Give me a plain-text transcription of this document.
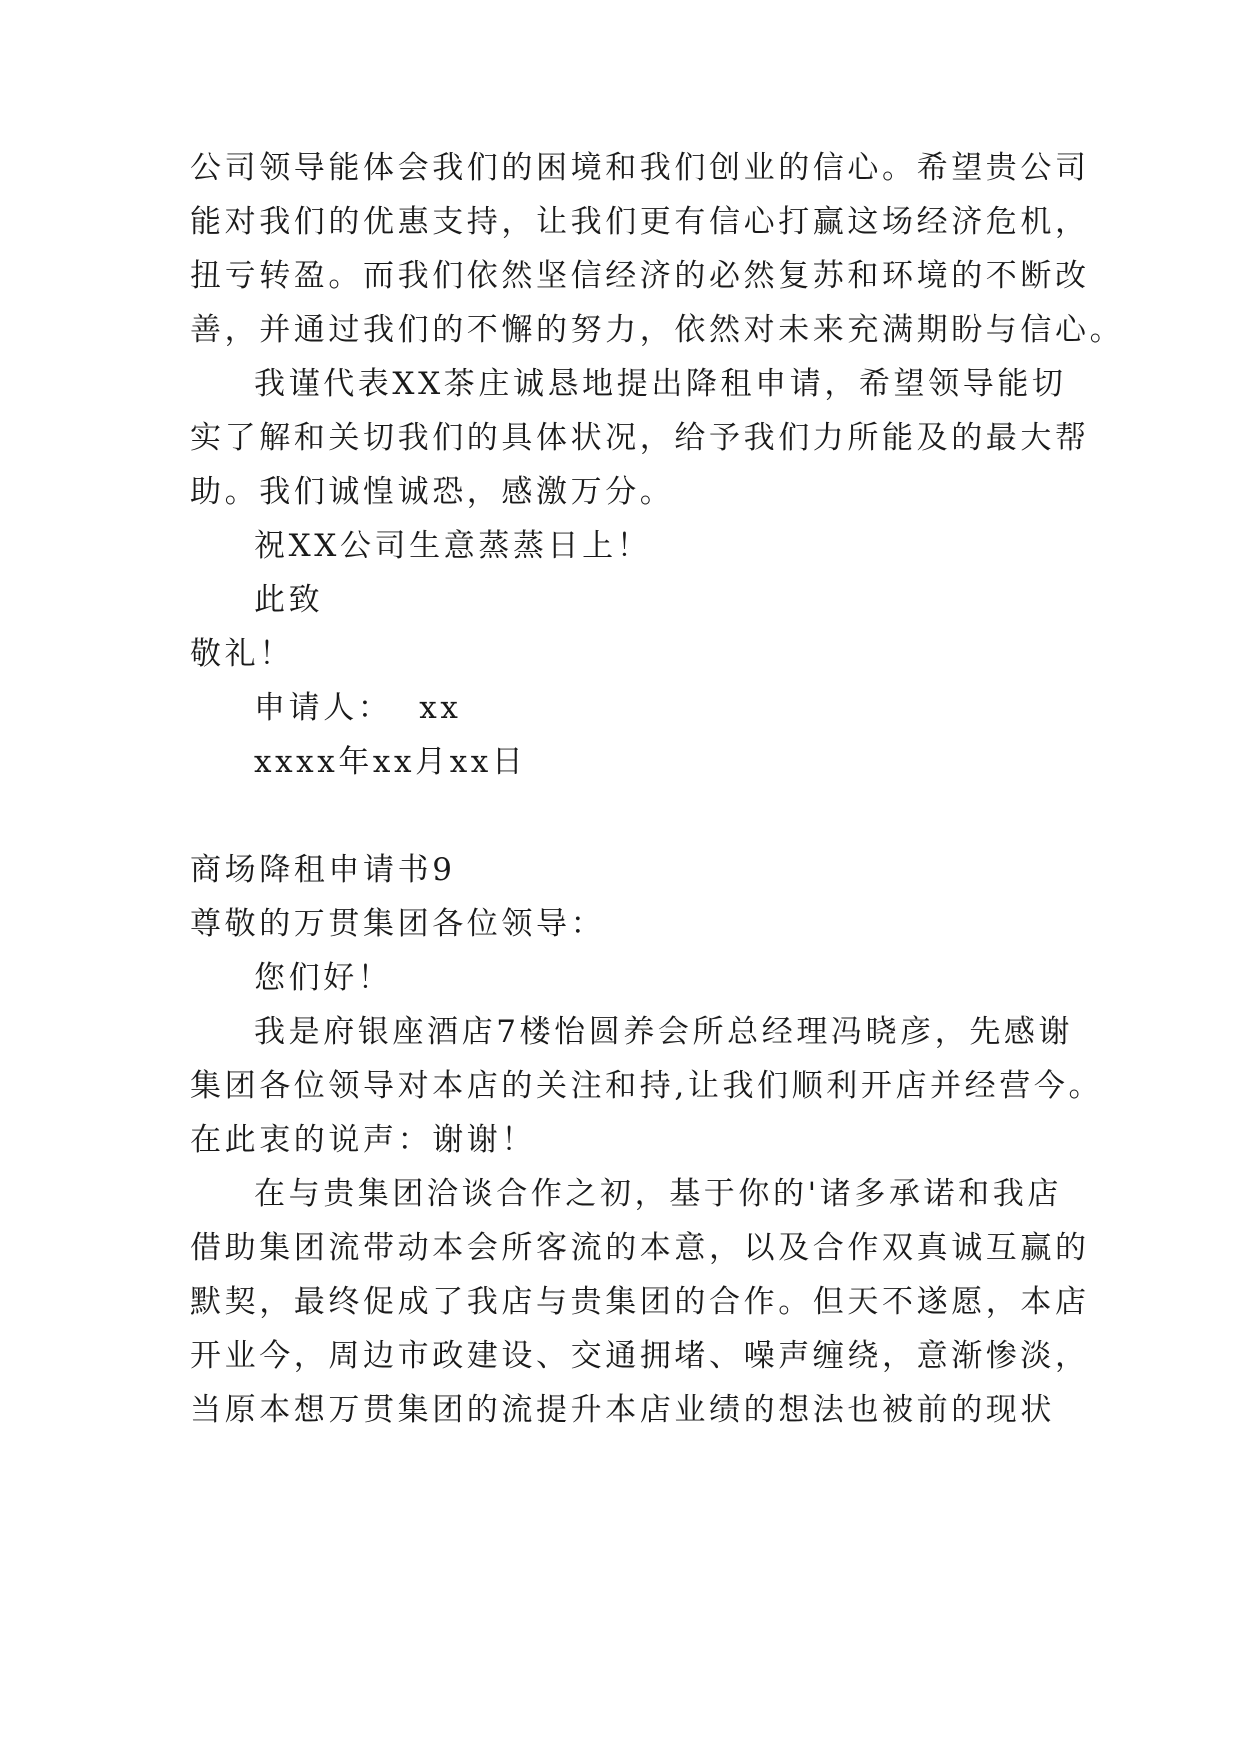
公司领导能体会我们的困境和我们创业的信心。希望贵公司
能对我们的优惠支持，让我们更有信心打赢这场经济危机，
扭亏转盈。而我们依然坚信经济的必然复苏和环境的不断改
善，并通过我们的不懈的努力，依然对未来充满期盼与信心。
我谨代表XX茶庄诚恳地提出降租申请，希望领导能切
实了解和关切我们的具体状况，给予我们力所能及的最大帮
助。我们诚惶诚恐，感激万分。
祝XX公司生意蒸蒸日上！
此致
敬礼！
申请人：  xx
xxxx年xx月xx日
商场降租申请书9
尊敬的万贯集团各位领导：
您们好！
我是府银座酒店7楼怡圆养会所总经理冯晓彦，先感谢
集团各位领导对本店的关注和持,让我们顺利开店并经营今。
在此衷的说声：谢谢！
在与贵集团洽谈合作之初，基于你的'诸多承诺和我店
借助集团流带动本会所客流的本意，以及合作双真诚互赢的
默契，最终促成了我店与贵集团的合作。但天不遂愿，本店
开业今，周边市政建设、交通拥堵、噪声缠绕，意渐惨淡，
当原本想万贯集团的流提升本店业绩的想法也被前的现状
